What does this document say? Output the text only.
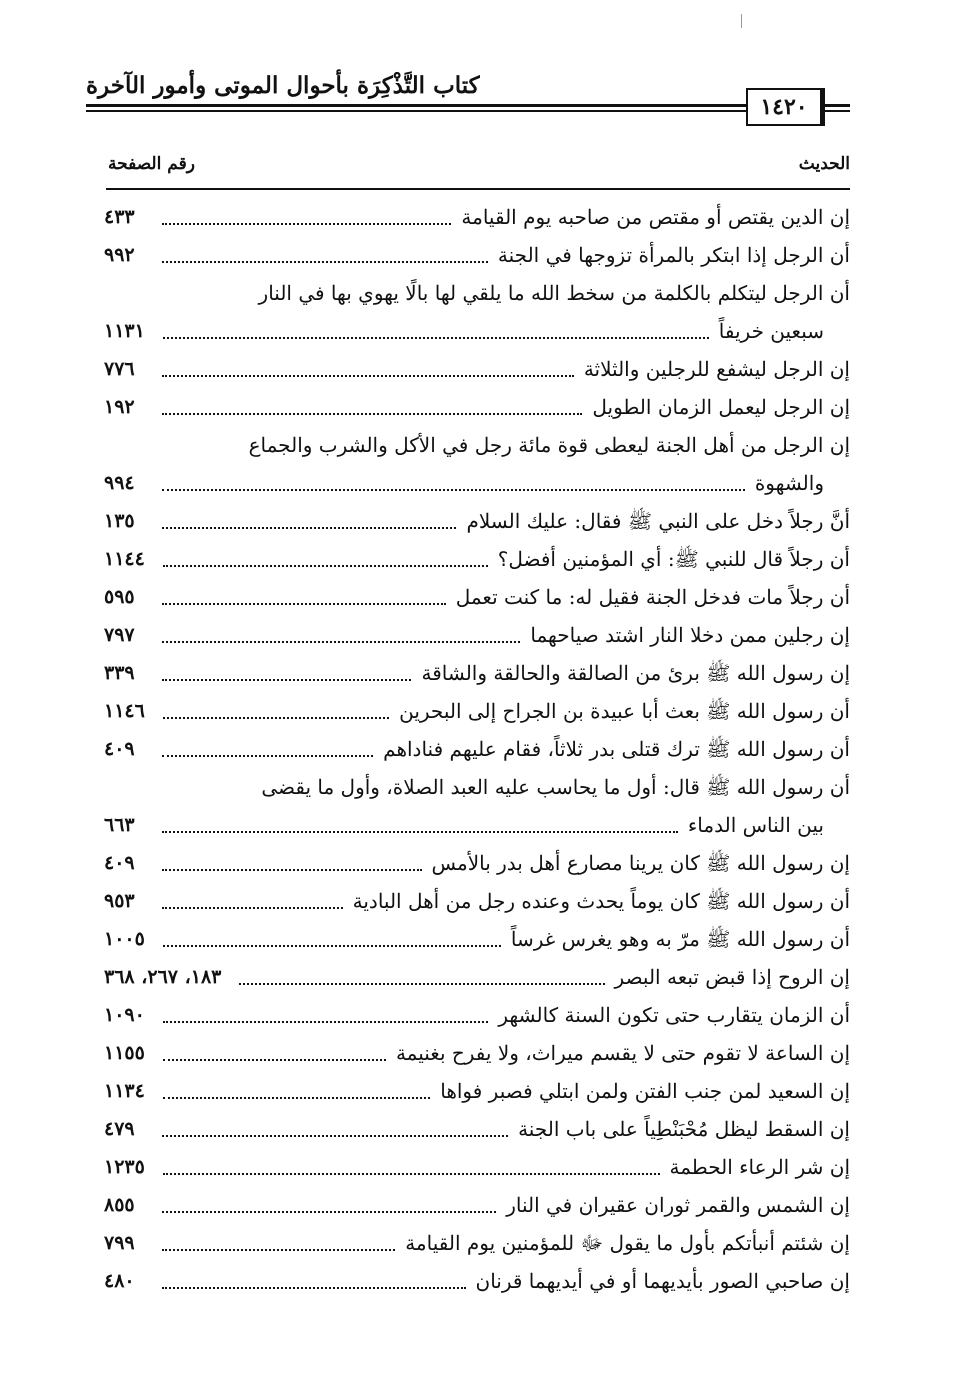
كتاب التَّذْكِرَة بأحوال الموتى وأمور الآخرة
١٤٢٠
الحديث
رقم الصفحة
إن الدين يقتص أو مقتص من صاحبه يوم القيامة
٤٣٣
أن الرجل إذا ابتكر بالمرأة تزوجها في الجنة
٩٩٢
أن الرجل ليتكلم بالكلمة من سخط الله ما يلقي لها بالًا يهوي بها في النار
سبعين خريفاً
١١٣١
إن الرجل ليشفع للرجلين والثلاثة
٧٧٦
إن الرجل ليعمل الزمان الطويل
١٩٢
إن الرجل من أهل الجنة ليعطى قوة مائة رجل في الأكل والشرب والجماع
والشهوة
٩٩٤
أنَّ رجلاً دخل على النبي ﷺ فقال: عليك السلام
١٣٥
أن رجلاً قال للنبي ﷺ: أي المؤمنين أفضل؟
١١٤٤
أن رجلاً مات فدخل الجنة فقيل له: ما كنت تعمل
٥٩٥
إن رجلين ممن دخلا النار اشتد صياحهما
٧٩٧
إن رسول الله ﷺ برئ من الصالقة والحالقة والشاقة
٣٣٩
أن رسول الله ﷺ بعث أبا عبيدة بن الجراح إلى البحرين
١١٤٦
أن رسول الله ﷺ ترك قتلى بدر ثلاثاً، فقام عليهم فناداهم
٤٠٩
أن رسول الله ﷺ قال: أول ما يحاسب عليه العبد الصلاة، وأول ما يقضى
بين الناس الدماء
٦٦٣
إن رسول الله ﷺ كان يرينا مصارع أهل بدر بالأمس
٤٠٩
أن رسول الله ﷺ كان يوماً يحدث وعنده رجل من أهل البادية
٩٥٣
أن رسول الله ﷺ مرّ به وهو يغرس غرساً
١٠٠٥
إن الروح إذا قبض تبعه البصر
١٨٣، ٢٦٧، ٣٦٨
أن الزمان يتقارب حتى تكون السنة كالشهر
١٠٩٠
إن الساعة لا تقوم حتى لا يقسم ميراث، ولا يفرح بغنيمة
١١٥٥
إن السعيد لمن جنب الفتن ولمن ابتلي فصبر فواها
١١٣٤
إن السقط ليظل مُحْبَنْطِياً على باب الجنة
٤٧٩
إن شر الرعاء الحطمة
١٢٣٥
إن الشمس والقمر ثوران عقيران في النار
٨٥٥
إن شئتم أنبأتكم بأول ما يقول ﷻ للمؤمنين يوم القيامة
٧٩٩
إن صاحبي الصور بأيديهما أو في أيديهما قرنان
٤٨٠
